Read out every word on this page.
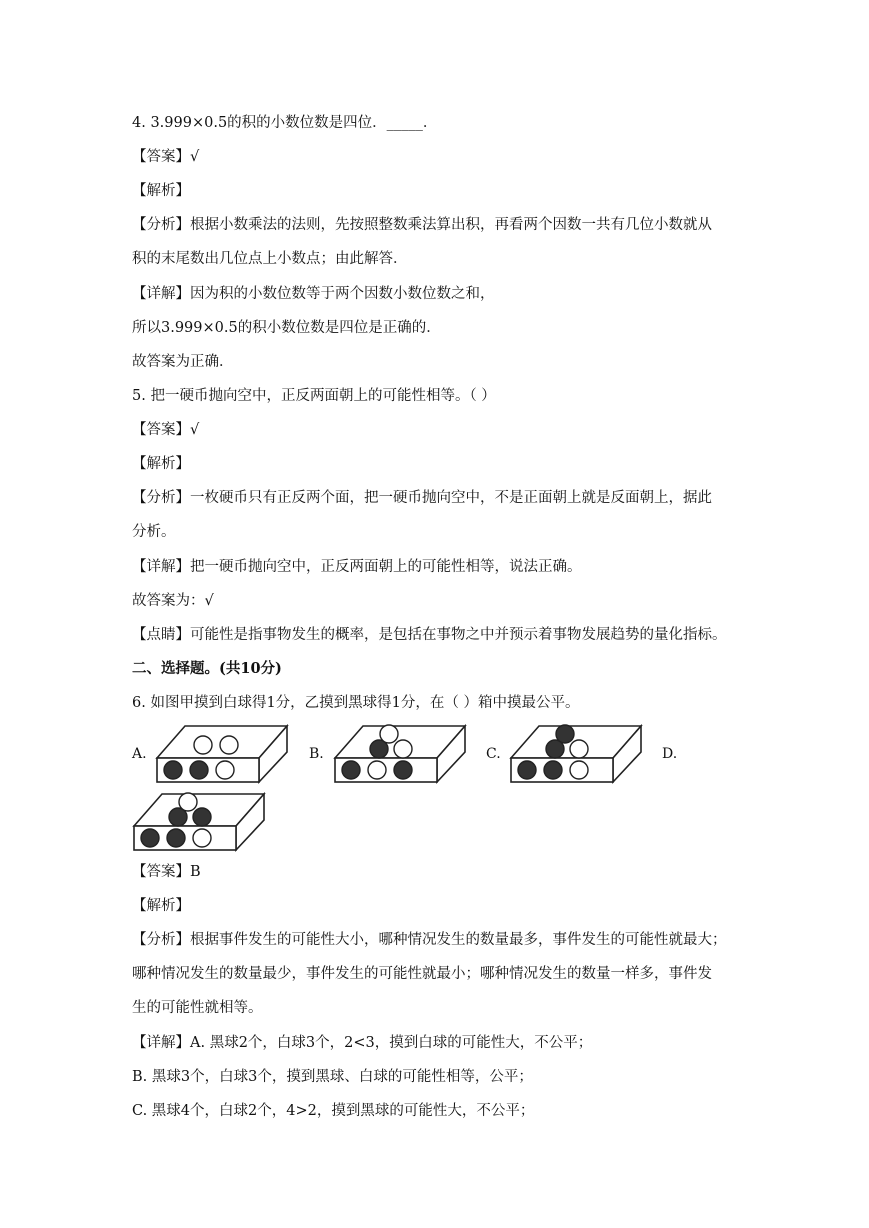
4. 3.999×0.5的积的小数位数是四位．_____．
【答案】√
【解析】
【分析】根据小数乘法的法则，先按照整数乘法算出积，再看两个因数一共有几位小数就从
积的末尾数出几位点上小数点；由此解答．
【详解】因为积的小数位数等于两个因数小数位数之和，
所以3.999×0.5的积小数位数是四位是正确的．
故答案为正确．
5. 把一硬币抛向空中，正反两面朝上的可能性相等。（ ）
【答案】√
【解析】
【分析】一枚硬币只有正反两个面，把一硬币抛向空中，不是正面朝上就是反面朝上，据此
分析。
【详解】把一硬币抛向空中，正反两面朝上的可能性相等，说法正确。
故答案为：√
【点睛】可能性是指事物发生的概率，是包括在事物之中并预示着事物发展趋势的量化指标。
二、选择题。(共10分)
6. 如图甲摸到白球得1分，乙摸到黑球得1分，在（ ）箱中摸最公平。
A.	B.	C.	D.
【答案】B
【解析】
【分析】根据事件发生的可能性大小，哪种情况发生的数量最多，事件发生的可能性就最大；
哪种情况发生的数量最少，事件发生的可能性就最小；哪种情况发生的数量一样多，事件发
生的可能性就相等。
【详解】A. 黑球2个，白球3个，2<3，摸到白球的可能性大，不公平；
B. 黑球3个，白球3个，摸到黑球、白球的可能性相等，公平；
C. 黑球4个，白球2个，4>2，摸到黑球的可能性大，不公平；
